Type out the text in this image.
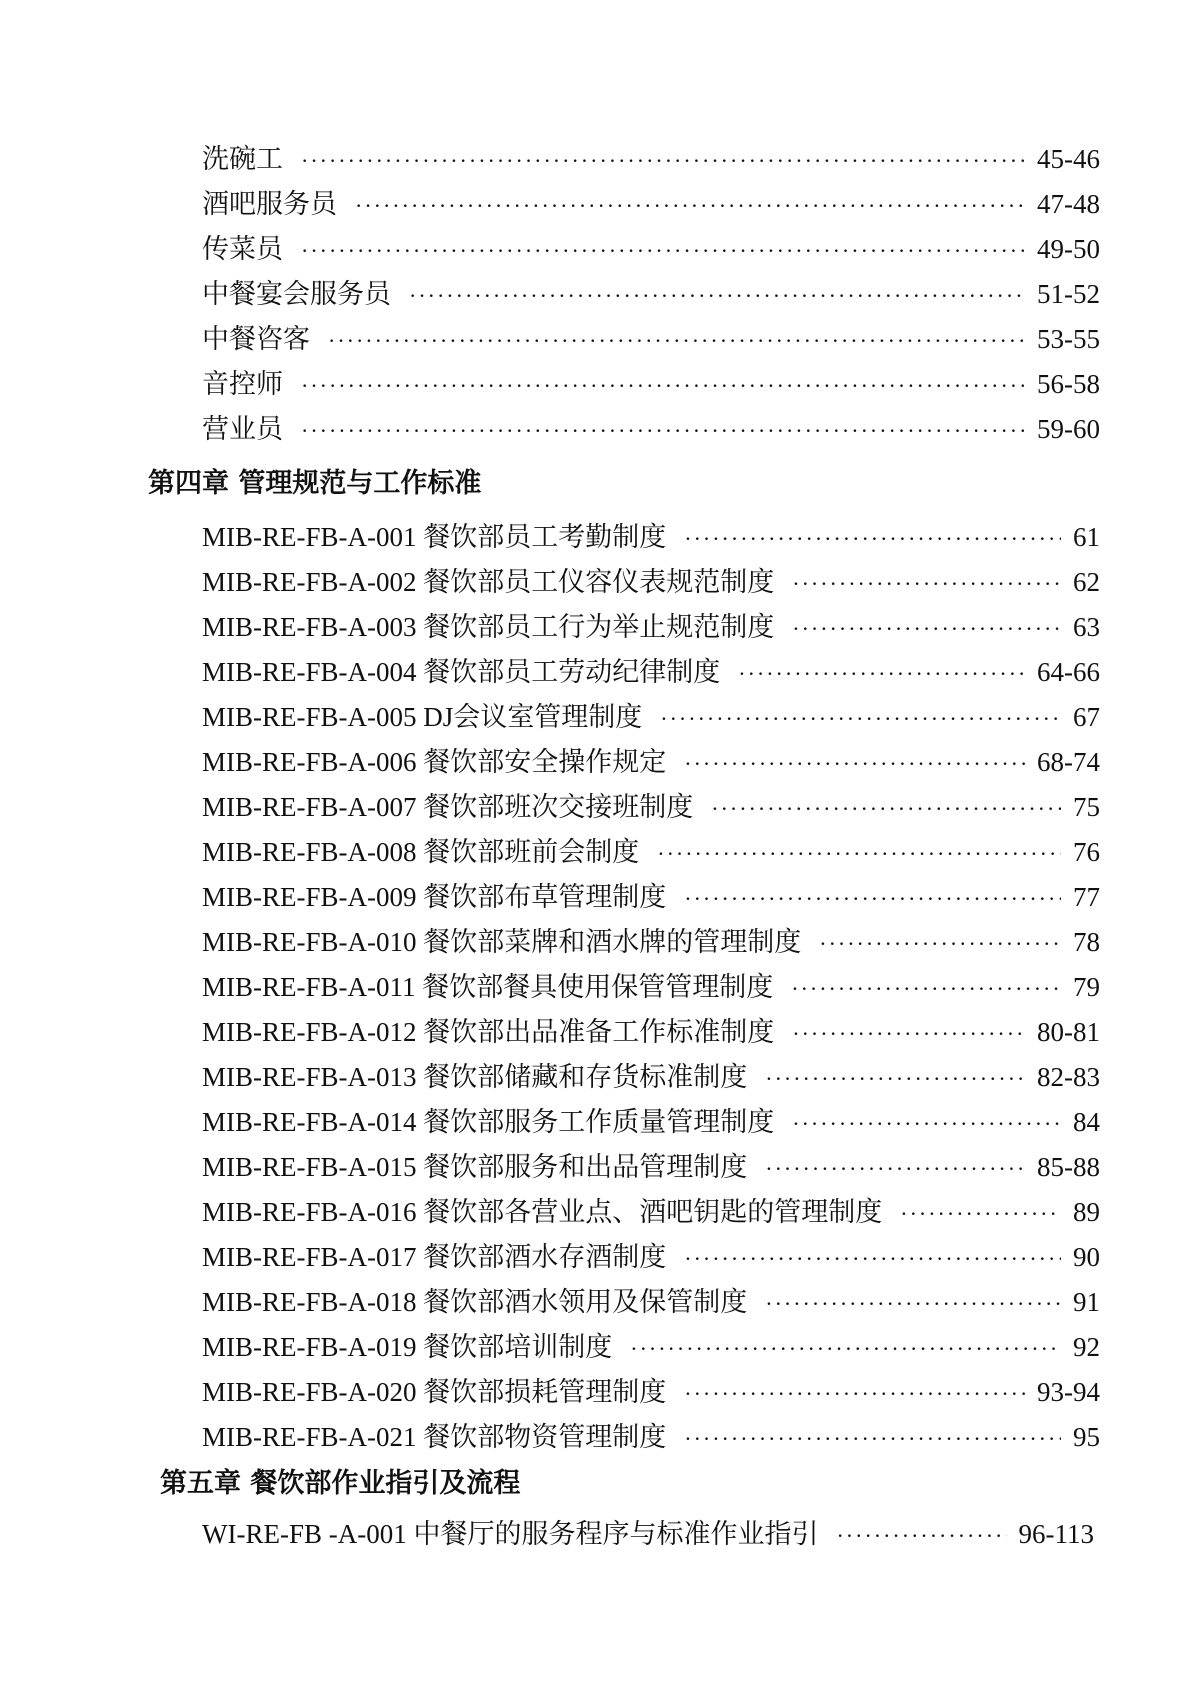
洗碗工 ·····	45-46
酒吧服务员 ·····	47-48
传菜员 ·····	49-50
中餐宴会服务员 ·····	51-52
中餐咨客 ·····	53-55
音控师 ·····	56-58
营业员 ·····	59-60
第四章 管理规范与工作标准
MIB-RE-FB-A-001 餐饮部员工考勤制度 ·····	61
MIB-RE-FB-A-002 餐饮部员工仪容仪表规范制度 ·····	62
MIB-RE-FB-A-003 餐饮部员工行为举止规范制度 ·····	63
MIB-RE-FB-A-004 餐饮部员工劳动纪律制度 ·····	64-66
MIB-RE-FB-A-005 DJ会议室管理制度 ·····	67
MIB-RE-FB-A-006 餐饮部安全操作规定 ·····	68-74
MIB-RE-FB-A-007 餐饮部班次交接班制度 ·····	75
MIB-RE-FB-A-008 餐饮部班前会制度 ·····	76
MIB-RE-FB-A-009 餐饮部布草管理制度 ·····	77
MIB-RE-FB-A-010 餐饮部菜牌和酒水牌的管理制度 ·····	78
MIB-RE-FB-A-011 餐饮部餐具使用保管管理制度 ·····	79
MIB-RE-FB-A-012 餐饮部出品准备工作标准制度 ·····	80-81
MIB-RE-FB-A-013 餐饮部储藏和存货标准制度 ·····	82-83
MIB-RE-FB-A-014 餐饮部服务工作质量管理制度 ·····	84
MIB-RE-FB-A-015 餐饮部服务和出品管理制度 ·····	85-88
MIB-RE-FB-A-016 餐饮部各营业点、酒吧钥匙的管理制度 ·····	89
MIB-RE-FB-A-017 餐饮部酒水存酒制度 ·····	90
MIB-RE-FB-A-018 餐饮部酒水领用及保管制度 ·····	91
MIB-RE-FB-A-019 餐饮部培训制度 ·····	92
MIB-RE-FB-A-020 餐饮部损耗管理制度 ·····	93-94
MIB-RE-FB-A-021 餐饮部物资管理制度 ·····	95
第五章 餐饮部作业指引及流程
WI-RE-FB -A-001 中餐厅的服务程序与标准作业指引 ·····	96-113
